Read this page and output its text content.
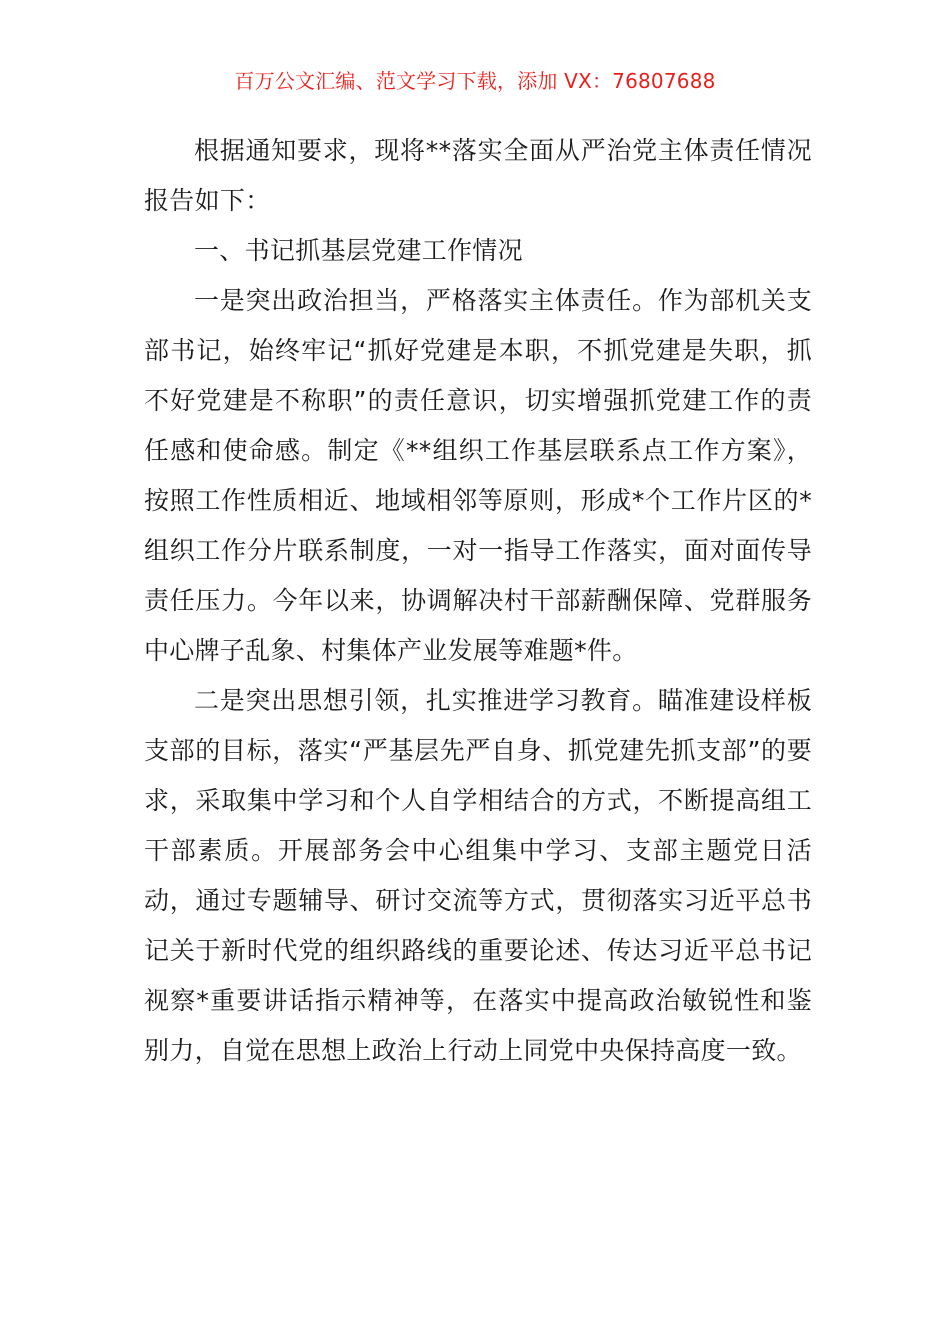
百万公文汇编、范文学习下载，添加 VX：76807688

根据通知要求，现将**落实全面从严治党主体责任情况报告如下：

一、书记抓基层党建工作情况

一是突出政治担当，严格落实主体责任。作为部机关支部书记，始终牢记“抓好党建是本职，不抓党建是失职，抓不好党建是不称职”的责任意识，切实增强抓党建工作的责任感和使命感。制定《**组织工作基层联系点工作方案》，按照工作性质相近、地域相邻等原则，形成*个工作片区的*组织工作分片联系制度，一对一指导工作落实，面对面传导责任压力。今年以来，协调解决村干部薪酬保障、党群服务中心牌子乱象、村集体产业发展等难题*件。

二是突出思想引领，扎实推进学习教育。瞄准建设样板支部的目标，落实“严基层先严自身、抓党建先抓支部”的要求，采取集中学习和个人自学相结合的方式，不断提高组工干部素质。开展部务会中心组集中学习、支部主题党日活动，通过专题辅导、研讨交流等方式，贯彻落实习近平总书记关于新时代党的组织路线的重要论述、传达习近平总书记视察*重要讲话指示精神等，在落实中提高政治敏锐性和鉴别力，自觉在思想上政治上行动上同党中央保持高度一致。
